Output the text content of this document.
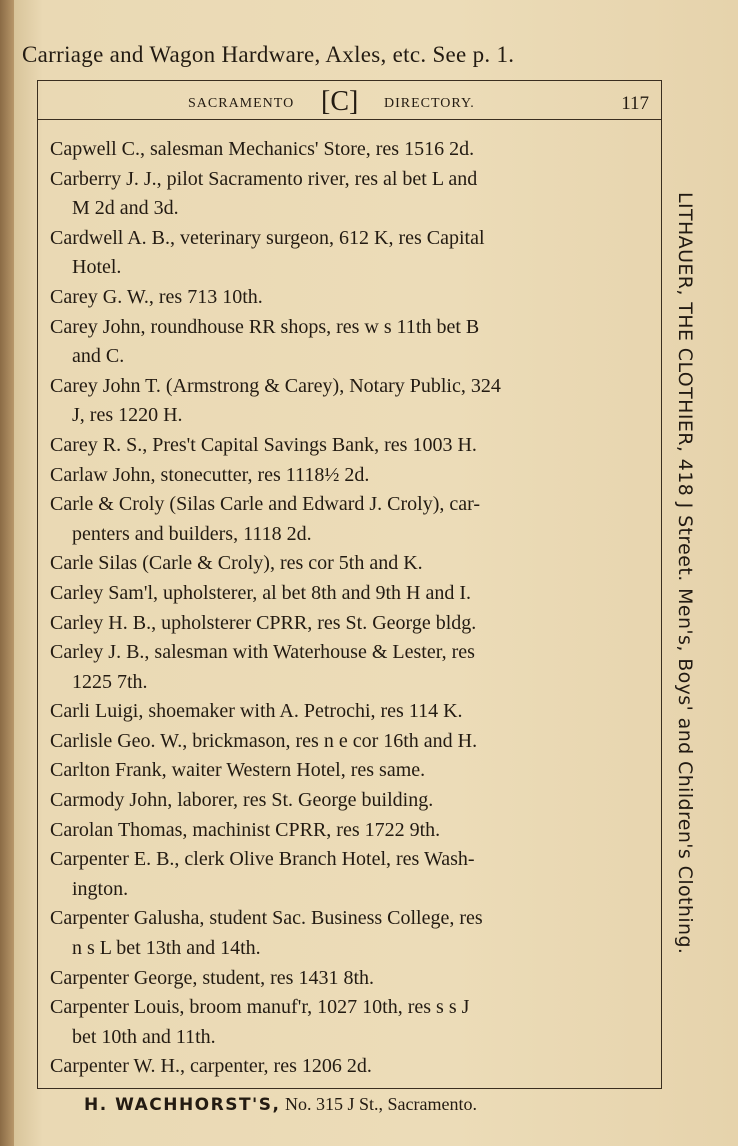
Carriage and Wagon Hardware, Axles, etc. See p. 1.
SACRAMENTO [C] DIRECTORY.	117
Capwell C., salesman Mechanics' Store, res 1516 2d.
Carberry J. J., pilot Sacramento river, res al bet L and
M 2d and 3d.
Cardwell A. B., veterinary surgeon, 612 K, res Capital
Hotel.
Carey G. W., res 713 10th.
Carey John, roundhouse RR shops, res w s 11th bet B
and C.
Carey John T. (Armstrong & Carey), Notary Public, 324
J, res 1220 H.
Carey R. S., Pres't Capital Savings Bank, res 1003 H.
Carlaw John, stonecutter, res 1118½ 2d.
Carle & Croly (Silas Carle and Edward J. Croly), car-
penters and builders, 1118 2d.
Carle Silas (Carle & Croly), res cor 5th and K.
Carley Sam'l, upholsterer, al bet 8th and 9th H and I.
Carley H. B., upholsterer CPRR, res St. George bldg.
Carley J. B., salesman with Waterhouse & Lester, res
1225 7th.
Carli Luigi, shoemaker with A. Petrochi, res 114 K.
Carlisle Geo. W., brickmason, res n e cor 16th and H.
Carlton Frank, waiter Western Hotel, res same.
Carmody John, laborer, res St. George building.
Carolan Thomas, machinist CPRR, res 1722 9th.
Carpenter E. B., clerk Olive Branch Hotel, res Wash-
ington.
Carpenter Galusha, student Sac. Business College, res
n s L bet 13th and 14th.
Carpenter George, student, res 1431 8th.
Carpenter Louis, broom manuf'r, 1027 10th, res s s J
bet 10th and 11th.
Carpenter W. H., carpenter, res 1206 2d.
LITHAUER, THE CLOTHIER, 418 J Street. Men's, Boys' and Children's Clothing.
H. WACHHORST'S, No. 315 J St., Sacramento.
